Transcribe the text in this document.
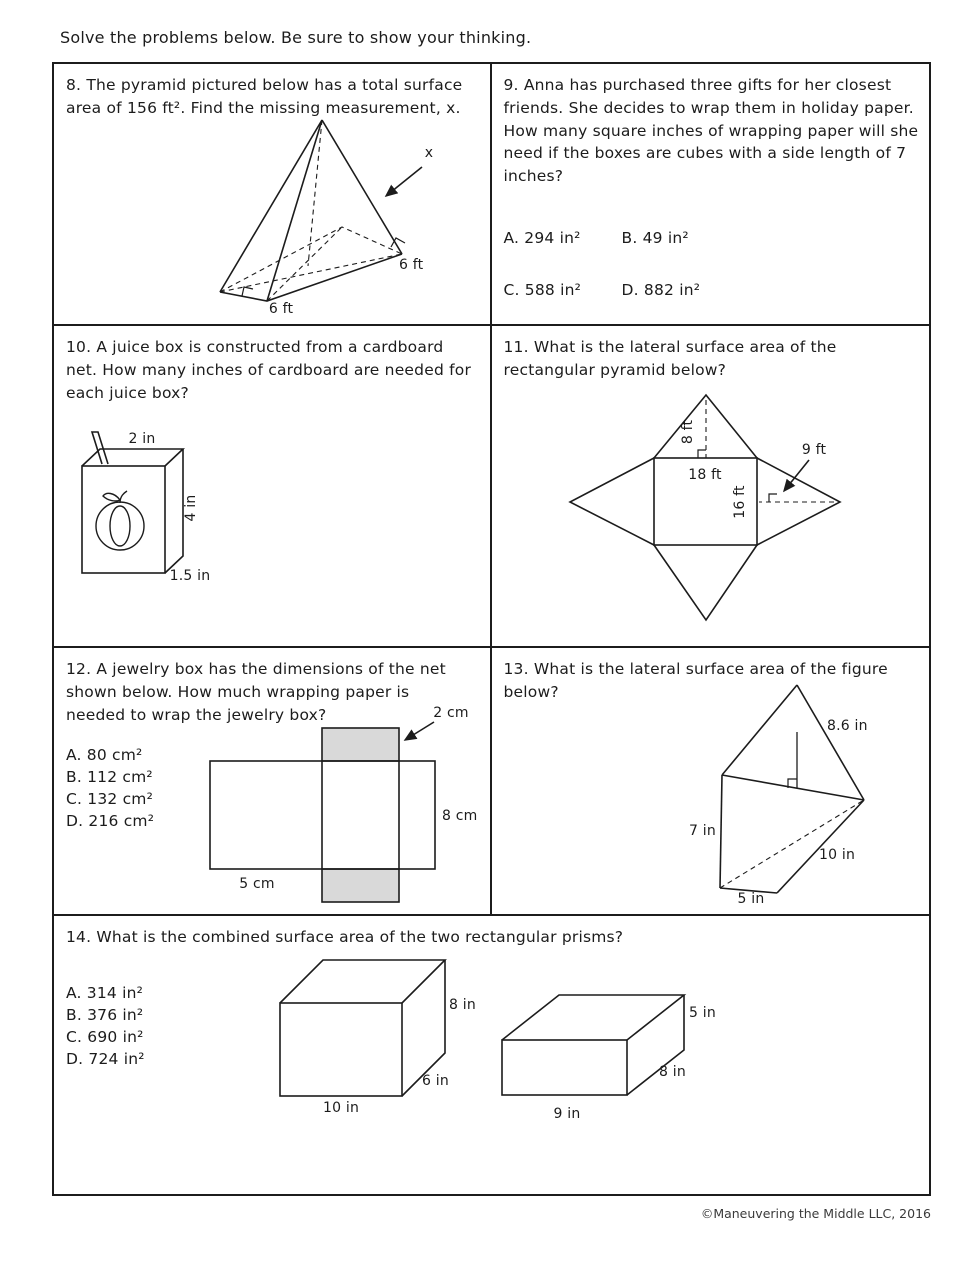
Solve the problems below. Be sure to show your thinking.

8. The pyramid pictured below has a total surface area of 156 ft². Find the missing measurement, x.

x
6 ft
6 ft

9. Anna has purchased three gifts for her closest friends. She decides to wrap them in holiday paper. How many square inches of wrapping paper will she need if the boxes are cubes with a side length of 7 inches?

A. 294 in²	B. 49 in²
C. 588 in²	D. 882 in²

10. A juice box is constructed from a cardboard net. How many inches of cardboard are needed for each juice box?

2 in
4 in
1.5 in

11. What is the lateral surface area of the rectangular pyramid below?

8 ft
18 ft
16 ft
9 ft

12. A jewelry box has the dimensions of the net shown below. How much wrapping paper is needed to wrap the jewelry box?

A. 80 cm²
B. 112 cm²
C. 132 cm²
D. 216 cm²
2 cm
8 cm
5 cm

13. What is the lateral surface area of the figure below?

8.6 in
7 in
10 in
5 in

14. What is the combined surface area of the two rectangular prisms?

A. 314 in²
B. 376 in²
C. 690 in²
D. 724 in²
8 in
6 in
10 in
5 in
8 in
9 in

©Maneuvering the Middle LLC, 2016
